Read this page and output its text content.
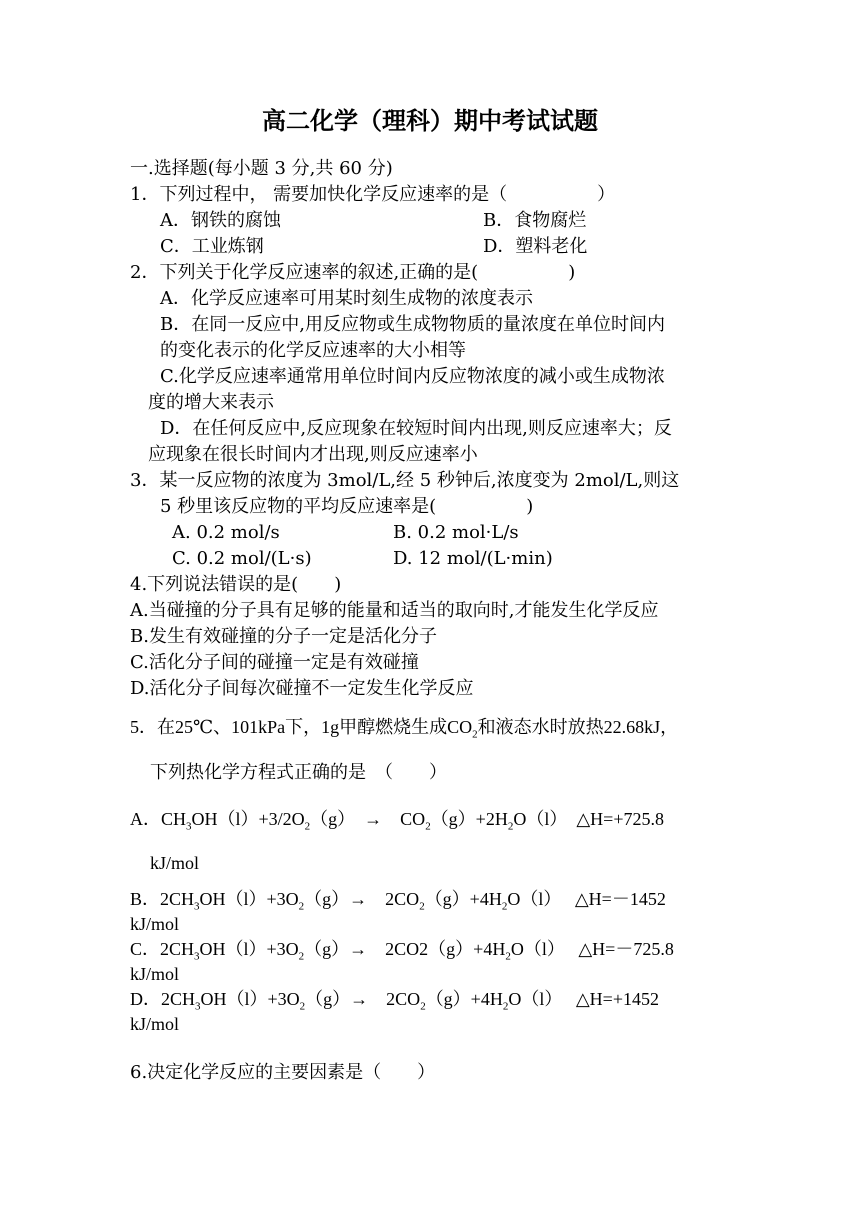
高二化学（理科）期中考试试题
一.选择题(每小题 3 分,共 60 分)
1．下列过程中， 需要加快化学反应速率的是（　　　　　）
A．钢铁的腐蚀	B．食物腐烂
C．工业炼钢	D．塑料老化
2．下列关于化学反应速率的叙述,正确的是(　　　　　)
A．化学反应速率可用某时刻生成物的浓度表示
B．在同一反应中,用反应物或生成物物质的量浓度在单位时间内
的变化表示的化学反应速率的大小相等
C.化学反应速率通常用单位时间内反应物浓度的减小或生成物浓
度的增大来表示
D．在任何反应中,反应现象在较短时间内出现,则反应速率大；反
应现象在很长时间内才出现,则反应速率小
3．某一反应物的浓度为 3mol/L,经 5 秒钟后,浓度变为 2mol/L,则这
5 秒里该反应物的平均反应速率是(　　　　　)
A. 0.2 mol/s	B. 0.2 mol·L/s
C. 0.2 mol/(L·s)	D. 12 mol/(L·min)
4.下列说法错误的是(　　)
A.当碰撞的分子具有足够的能量和适当的取向时,才能发生化学反应
B.发生有效碰撞的分子一定是活化分子
C.活化分子间的碰撞一定是有效碰撞
D.活化分子间每次碰撞不一定发生化学反应
5．在25℃、101kPa下，1g甲醇燃烧生成$CO_2$和液态水时放热22.68kJ，
下列热化学方程式正确的是　（　　）
A．$CH_3OH(l)+3/2O_2(g)$　→　$CO_2(g)+2H_2O(l)$　△H=+725.8
kJ/mol
B．$2CH_3OH(l)+3O_2(g)\to$　$2CO_2(g)+4H_2O(l)$　 △H=－1452
kJ/mol
C．$2CH_3OH(l)+3O_2(g)\to$　$2CO2(g)+4H_2O(l)$　 △H=－725.8
kJ/mol
D．$2CH_3OH(l)+3O_2(g)\to$　$2CO_2(g)+4H_2O(l)$　 △H=+1452
kJ/mol
6.决定化学反应的主要因素是（　　）
